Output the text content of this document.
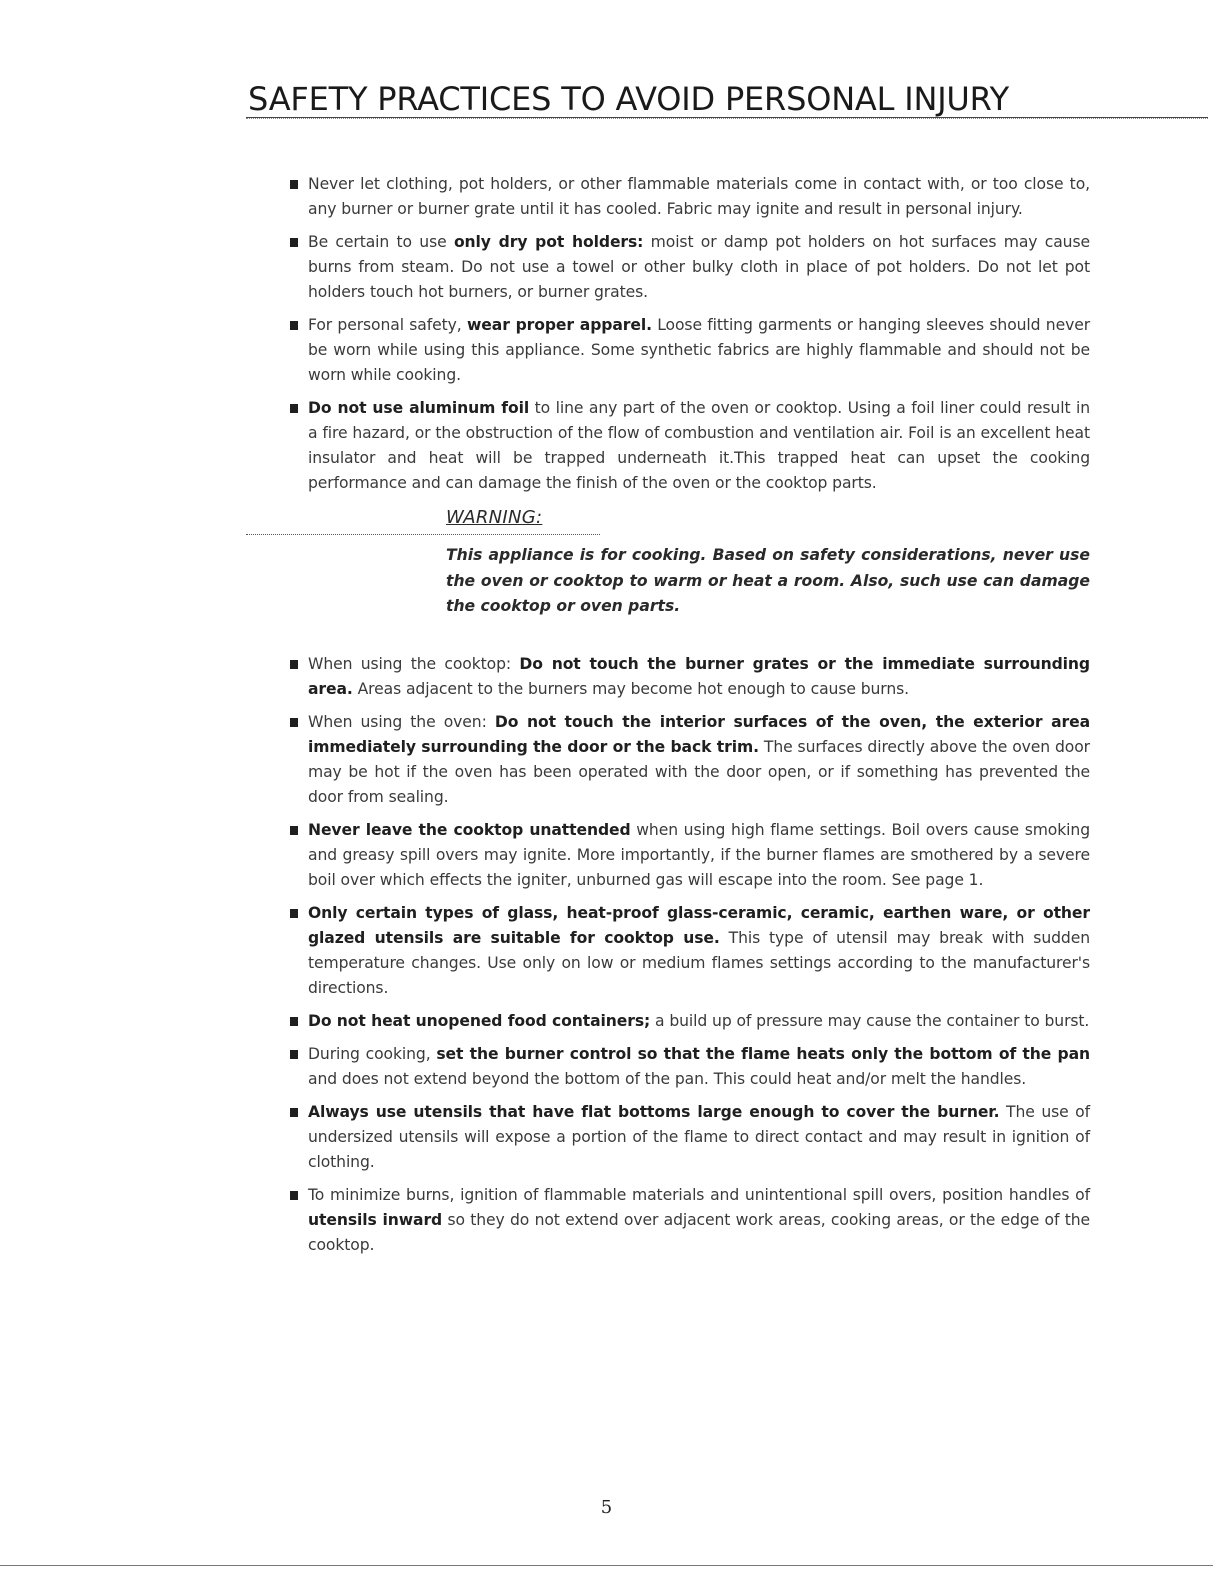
SAFETY PRACTICES TO AVOID PERSONAL INJURY

Never let clothing, pot holders, or other flammable materials come in contact with, or too close to, any burner or burner grate until it has cooled. Fabric may ignite and result in personal injury.

Be certain to use only dry pot holders: moist or damp pot holders on hot surfaces may cause burns from steam. Do not use a towel or other bulky cloth in place of pot holders. Do not let pot holders touch hot burners, or burner grates.

For personal safety, wear proper apparel. Loose fitting garments or hanging sleeves should never be worn while using this appliance. Some synthetic fabrics are highly flammable and should not be worn while cooking.

Do not use aluminum foil to line any part of the oven or cooktop. Using a foil liner could result in a fire hazard, or the obstruction of the flow of combustion and ventilation air. Foil is an excellent heat insulator and heat will be trapped underneath it.This trapped heat can upset the cooking performance and can damage the finish of the oven or the cooktop parts.

WARNING:

This appliance is for cooking. Based on safety considerations, never use the oven or cooktop to warm or heat a room. Also, such use can damage the cooktop or oven parts.

When using the cooktop: Do not touch the burner grates or the immediate surrounding area. Areas adjacent to the burners may become hot enough to cause burns.

When using the oven: Do not touch the interior surfaces of the oven, the exterior area immediately surrounding the door or the back trim. The surfaces directly above the oven door may be hot if the oven has been operated with the door open, or if something has prevented the door from sealing.

Never leave the cooktop unattended when using high flame settings. Boil overs cause smoking and greasy spill overs may ignite. More importantly, if the burner flames are smothered by a severe boil over which effects the igniter, unburned gas will escape into the room. See page 1.

Only certain types of glass, heat-proof glass-ceramic, ceramic, earthen ware, or other glazed utensils are suitable for cooktop use. This type of utensil may break with sudden temperature changes. Use only on low or medium flames settings according to the manufacturer's directions.

Do not heat unopened food containers; a build up of pressure may cause the container to burst.

During cooking, set the burner control so that the flame heats only the bottom of the pan and does not extend beyond the bottom of the pan. This could heat and/or melt the handles.

Always use utensils that have flat bottoms large enough to cover the burner. The use of undersized utensils will expose a portion of the flame to direct contact and may result in ignition of clothing.

To minimize burns, ignition of flammable materials and unintentional spill overs, position handles of utensils inward so they do not extend over adjacent work areas, cooking areas, or the edge of the cooktop.

5
